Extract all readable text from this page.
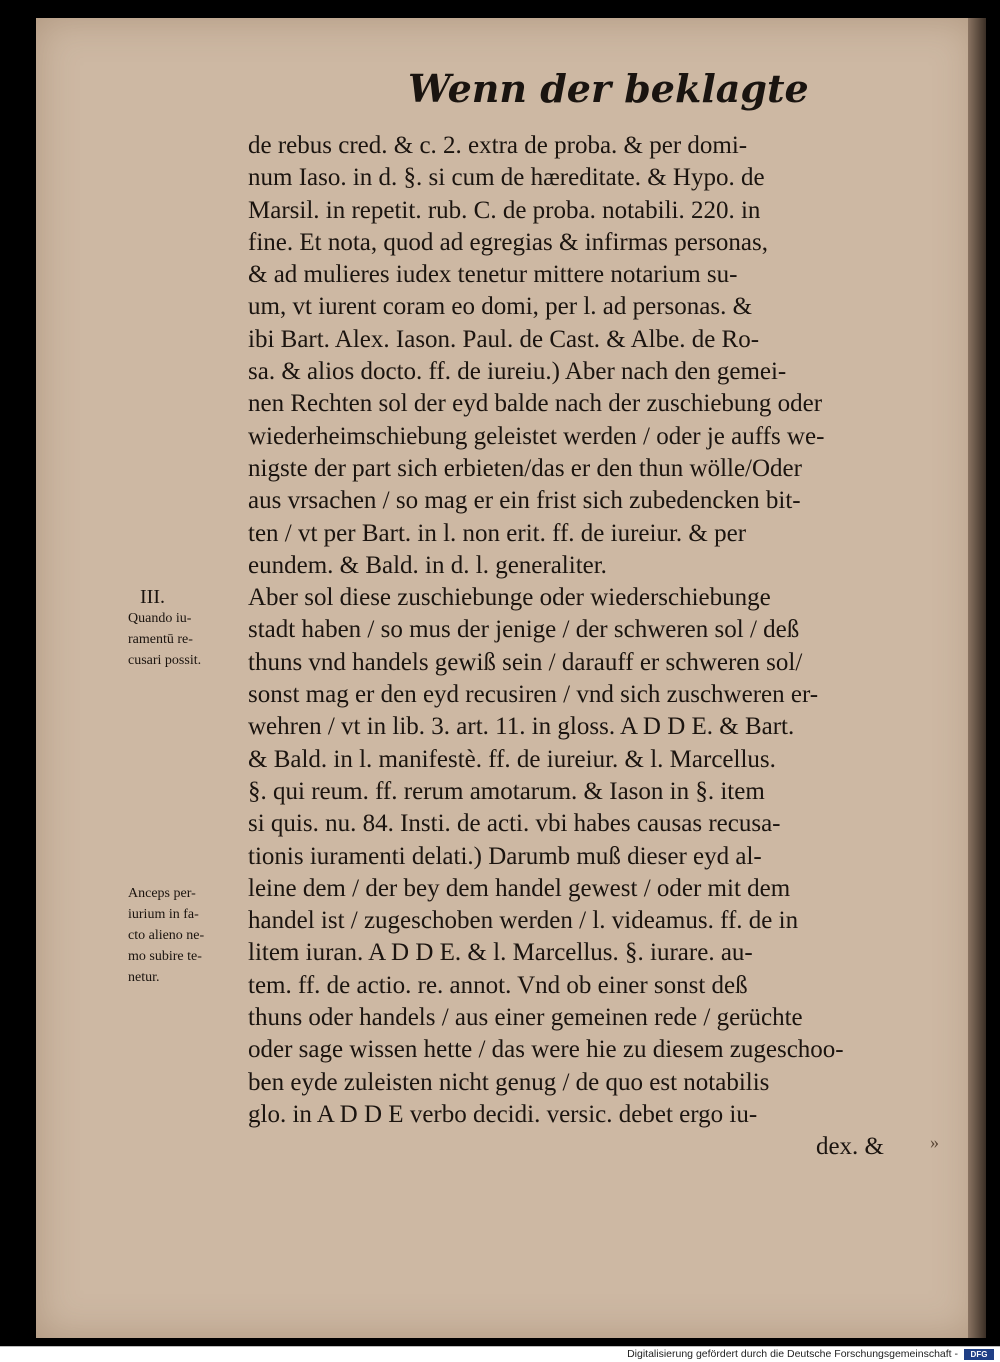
Wenn der beklagte
de rebus cred. & c. 2. extra de proba. & per domi-
num Iaso. in d. §. si cum de hæreditate. & Hypo. de
Marsil. in repetit. rub. C. de proba. notabili. 220. in
fine. Et nota, quod ad egregias & infirmas personas,
& ad mulieres iudex tenetur mittere notarium su-
um, vt iurent coram eo domi, per l. ad personas. &
ibi Bart. Alex. Iason. Paul. de Cast. & Albe. de Ro-
sa. & alios docto. ff. de iureiu.) Aber nach den gemei-
nen Rechten sol der eyd balde nach der zuschiebung oder
wiederheimschiebung geleistet werden / oder je auffs we-
nigste der part sich erbieten/das er den thun wölle/Oder
aus vrsachen / so mag er ein frist sich zubedencken bit-
ten / vt per Bart. in l. non erit. ff. de iureiur. & per
eundem. & Bald. in d. l. generaliter.
Aber sol diese zuschiebunge oder wiederschiebunge
stadt haben / so mus der jenige / der schweren sol / deß
thuns vnd handels gewiß sein / darauff er schweren sol/
sonst mag er den eyd recusiren / vnd sich zuschweren er-
wehren / vt in lib. 3. art. 11. in gloss. A D D E. & Bart.
& Bald. in l. manifestè. ff. de iureiur. & l. Marcellus.
§. qui reum. ff. rerum amotarum. & Iason in §. item
si quis. nu. 84. Insti. de acti. vbi habes causas recusa-
tionis iuramenti delati.) Darumb muß dieser eyd al-
leine dem / der bey dem handel gewest / oder mit dem
handel ist / zugeschoben werden / l. videamus. ff. de in
litem iuran. A D D E. & l. Marcellus. §. iurare. au-
tem. ff. de actio. re. annot. Vnd ob einer sonst deß
thuns oder handels / aus einer gemeinen rede / gerüchte
oder sage wissen hette / das were hie zu diesem zugeschoo-
ben eyde zuleisten nicht genug / de quo est notabilis
glo. in A D D E verbo decidi. versic. debet ergo iu-
dex. &
III.
Quando iu-
ramentū re-
cusari possit.
Anceps per-
iurium in fa-
cto alieno ne-
mo subire te-
netur.
»
Digitalisierung gefördert durch die Deutsche Forschungsgemeinschaft -	DFG
